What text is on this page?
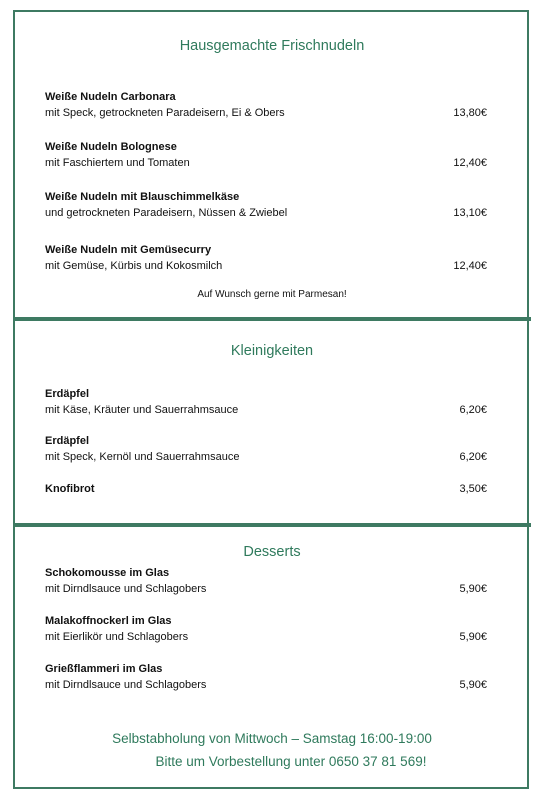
Hausgemachte Frischnudeln
Weiße Nudeln Carbonara
mit Speck, getrockneten Paradeisern, Ei & Obers	13,80€
Weiße Nudeln Bolognese
mit Faschiertem und Tomaten	12,40€
Weiße Nudeln mit Blauschimmelkäse
und getrockneten Paradeisern, Nüssen & Zwiebel	13,10€
Weiße Nudeln mit Gemüsecurry
mit Gemüse, Kürbis und Kokosmilch	12,40€
Auf Wunsch gerne mit Parmesan!
Kleinigkeiten
Erdäpfel
mit Käse, Kräuter und Sauerrahmsauce	6,20€
Erdäpfel
mit Speck, Kernöl und Sauerrahmsauce	6,20€
Knofibrot	3,50€
Desserts
Schokomousse im Glas
mit Dirndlsauce und Schlagobers	5,90€
Malakoffnockerl im Glas
mit Eierlikör und Schlagobers	5,90€
Grießflammeri im Glas
mit Dirndlsauce und Schlagobers	5,90€
Selbstabholung von Mittwoch – Samstag 16:00-19:00
Bitte um Vorbestellung unter 0650 37 81 569!
